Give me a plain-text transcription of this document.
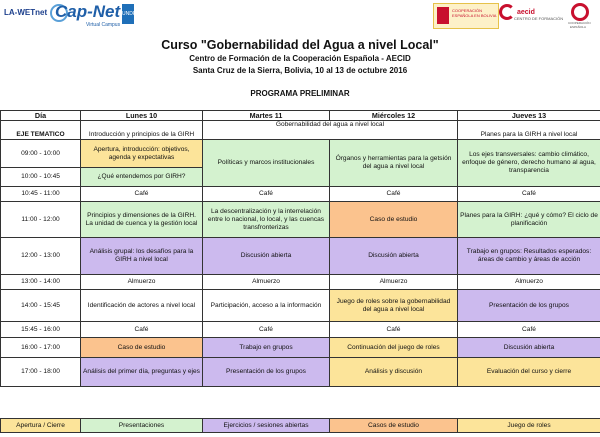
LA-WETnet Cap-Net
Virtual Campus
UNDP
COOPERACIÓN ESPAÑOLA EN BOLIVIA	aecid
CENTRO DE FORMACIÓN
COOPERACIÓN ESPAÑOLA
Curso "Gobernabilidad del Agua a nivel Local"
Centro de Formación de la Cooperación Española - AECID
Santa Cruz de la Sierra, Bolivia, 10 al 13 de octubre 2016
PROGRAMA PRELIMINAR
Día	Lunes 10	Martes 11	Miércoles 12	Jueves 13
EJE TEMATICO	Introducción y principios de la GIRH	Gobernabilidad del agua a nivel local		Planes para la GIRH a nivel local
09:00 - 10:00	Apertura, introducción: objetivos, agenda y expectativas	Políticas y marcos institucionales	Órganos y herramientas para la getsión del agua a nivel local	Los ejes transversales: cambio climático, enfoque de género, derecho humano al agua, transparencia
10:00 - 10:45	¿Qué entendemos por GIRH?			
10:45 - 11:00	Café	Café	Café	Café
11:00 - 12:00	Principios y dimensiones de la GIRH. La unidad de cuenca y la gestión local	La descentralización y la interrelación entre lo nacional, lo local, y las cuencas transfronterizas	Caso de estudio	Planes para la GIRH: ¿qué y cómo? El ciclo de planificación
12:00 - 13:00	Análisis grupal: los desafíos para la GIRH a nivel local	Discusión abierta	Discusión abierta	Trabajo en grupos: Resultados esperados: áreas de cambio y áreas de acción
13:00 - 14:00	Almuerzo	Almuerzo	Almuerzo	Almuerzo
14:00 - 15:45	Identificación de actores a nivel local	Participación, acceso a la información	Juego de roles sobre la gobernabilidad del agua a nivel local	Presentación de los grupos
15:45 - 16:00	Café	Café	Café	Café
16:00 - 17:00	Caso de estudio	Trabajo en grupos	Continuación del juego de roles	Discusión abierta
17:00 - 18:00	Análisis del primer día, preguntas y ejes	Presentación de los grupos	Análisis y discusión	Evaluación del curso y cierre
Apertura / Cierre	Presentaciones	Ejercicios / sesiones abiertas	Casos de estudio	Juego de roles
